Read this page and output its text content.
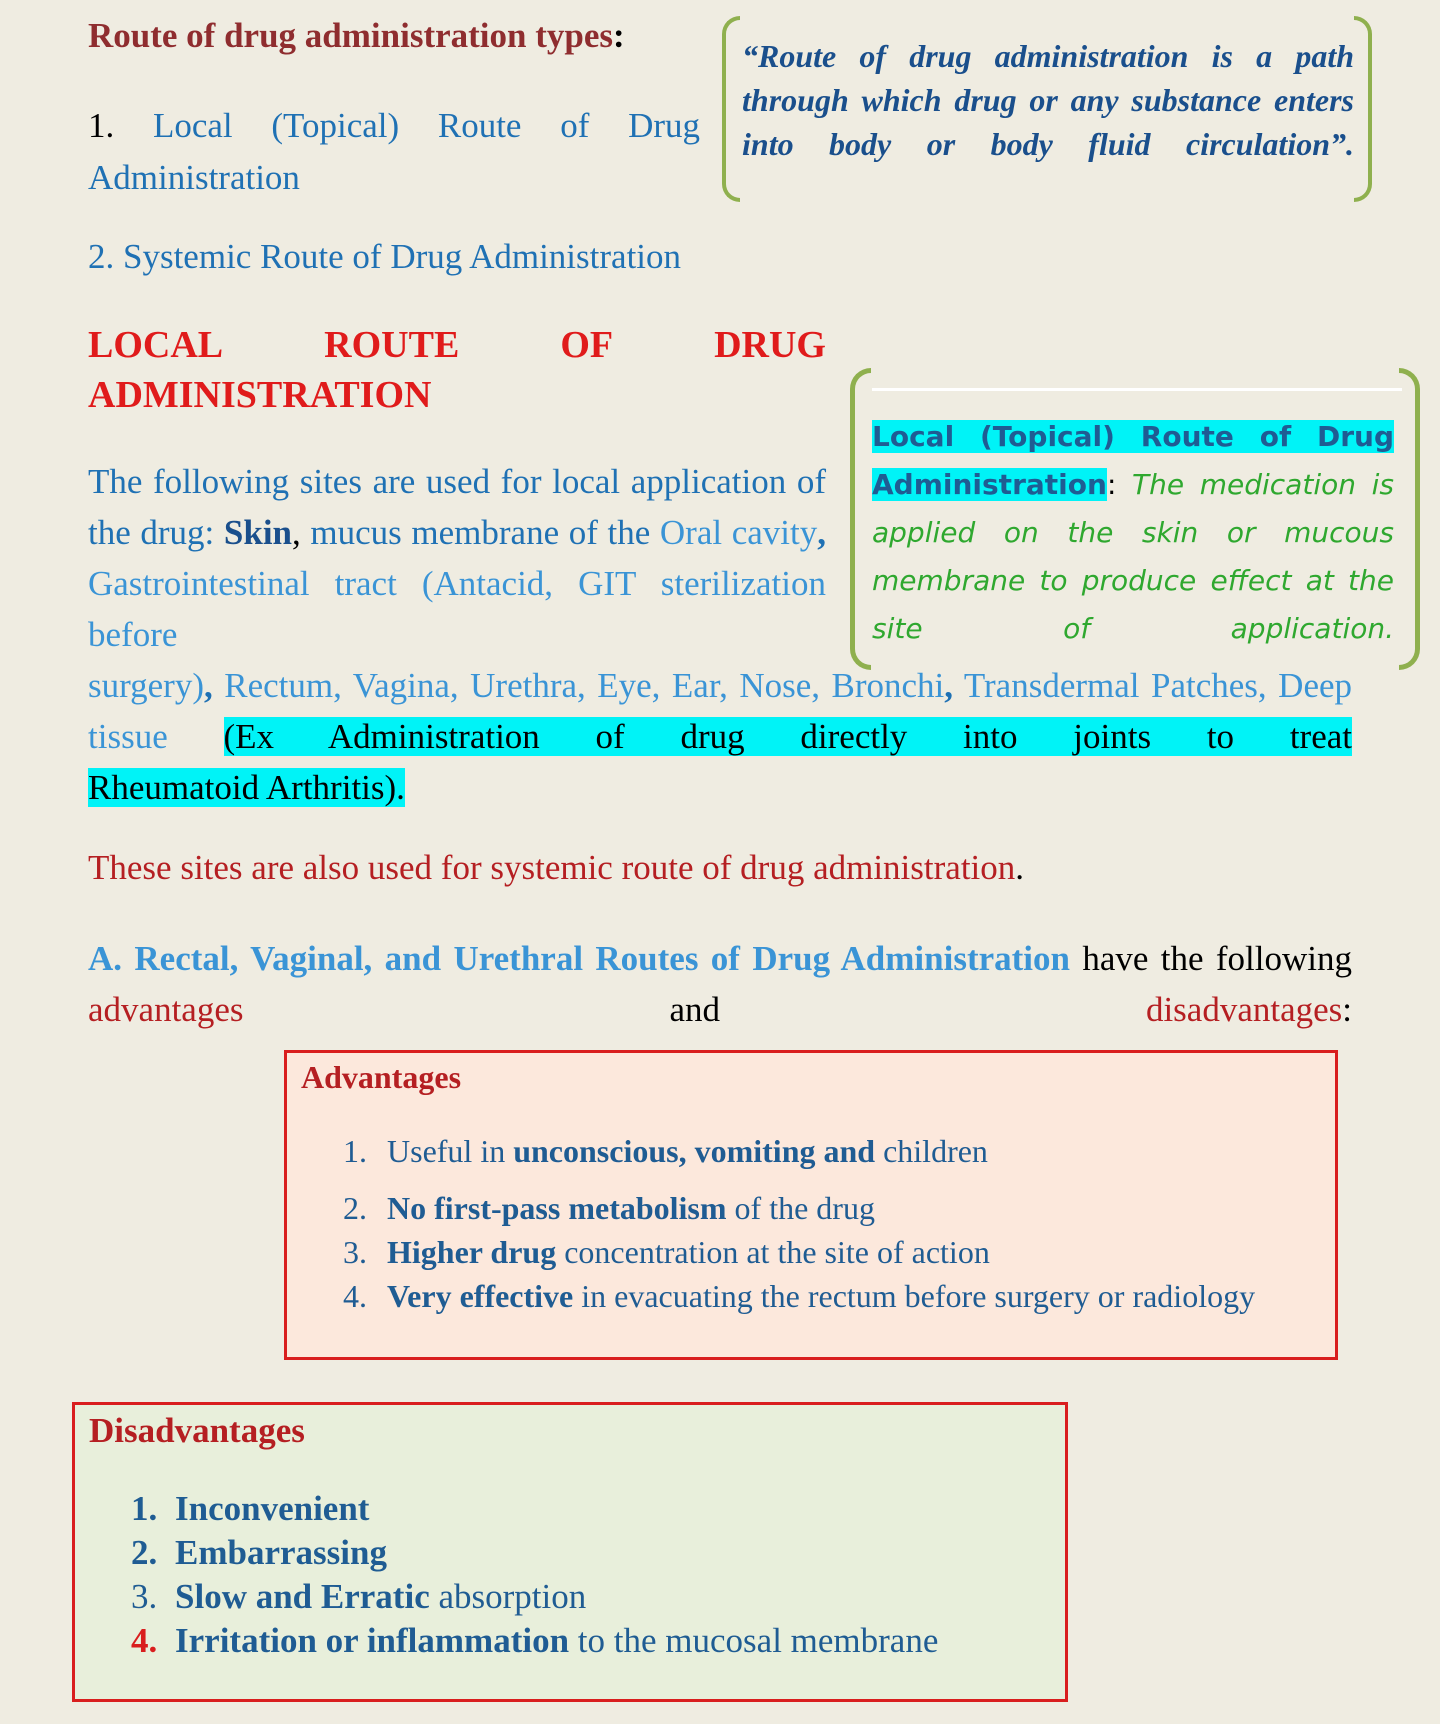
Route of drug administration types:
1. Local (Topical) Route of Drug Administration
2. Systemic Route of Drug Administration
“Route of drug administration is a path through which drug or any substance enters into body or body fluid circulation”.
LOCAL	ROUTE	OF	DRUG
ADMINISTRATION
Local (Topical) Route of Drug Administration: The medication is applied on the skin or mucous membrane to produce effect at the site of application.
The following sites are used for local application of the drug: Skin, mucus membrane of the Oral cavity, Gastrointestinal tract (Antacid, GIT sterilization before
surgery), Rectum, Vagina, Urethra, Eye, Ear, Nose, Bronchi, Transdermal Patches, Deep tissue (Ex Administration of drug directly into joints to treat
Rheumatoid Arthritis).
These sites are also used for systemic route of drug administration.
A. Rectal, Vaginal, and Urethral Routes of Drug Administration have the following advantages	and	disadvantages:
Advantages
1. Useful in unconscious, vomiting and children
2. No first-pass metabolism of the drug
3. Higher drug concentration at the site of action
4. Very effective in evacuating the rectum before surgery or radiology
Disadvantages
1. Inconvenient
2. Embarrassing
3. Slow and Erratic absorption
4. Irritation or inflammation to the mucosal membrane
